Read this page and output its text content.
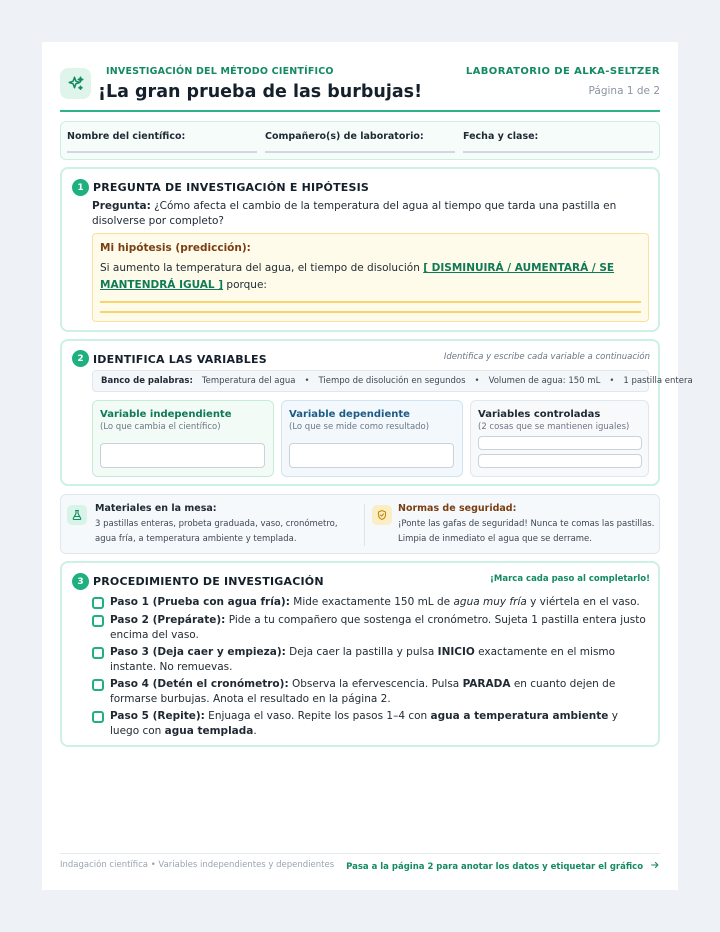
INVESTIGACIÓN DEL MÉTODO CIENTÍFICO
¡La gran prueba de las burbujas!
LABORATORIO DE ALKA-SELTZER
Página 1 de 2
Nombre del científico:	Compañero(s) de laboratorio:	Fecha y clase:
1 PREGUNTA DE INVESTIGACIÓN E HIPÓTESIS
Pregunta: ¿Cómo afecta el cambio de la temperatura del agua al tiempo que tarda una pastilla en disolverse por completo?
Mi hipótesis (predicción):
Si aumento la temperatura del agua, el tiempo de disolución [ DISMINUIRÁ / AUMENTARÁ / SE MANTENDRÁ IGUAL ] porque:
2 IDENTIFICA LAS VARIABLES	Identifica y escribe cada variable a continuación
Banco de palabras: Temperatura del agua • Tiempo de disolución en segundos • Volumen de agua: 150 mL • 1 pastilla entera
Variable independiente
(Lo que cambia el científico)
Variable dependiente
(Lo que se mide como resultado)
Variables controladas
(2 cosas que se mantienen iguales)
Materiales en la mesa:
3 pastillas enteras, probeta graduada, vaso, cronómetro, agua fría, a temperatura ambiente y templada.
Normas de seguridad:
¡Ponte las gafas de seguridad! Nunca te comas las pastillas. Limpia de inmediato el agua que se derrame.
3 PROCEDIMIENTO DE INVESTIGACIÓN	¡Marca cada paso al completarlo!
Paso 1 (Prueba con agua fría): Mide exactamente 150 mL de agua muy fría y viértela en el vaso.
Paso 2 (Prepárate): Pide a tu compañero que sostenga el cronómetro. Sujeta 1 pastilla entera justo encima del vaso.
Paso 3 (Deja caer y empieza): Deja caer la pastilla y pulsa INICIO exactamente en el mismo instante. No remuevas.
Paso 4 (Detén el cronómetro): Observa la efervescencia. Pulsa PARADA en cuanto dejen de formarse burbujas. Anota el resultado en la página 2.
Paso 5 (Repite): Enjuaga el vaso. Repite los pasos 1–4 con agua a temperatura ambiente y luego con agua templada.
Indagación científica • Variables independientes y dependientes Pasa a la página 2 para anotar los datos y etiquetar el gráfico
